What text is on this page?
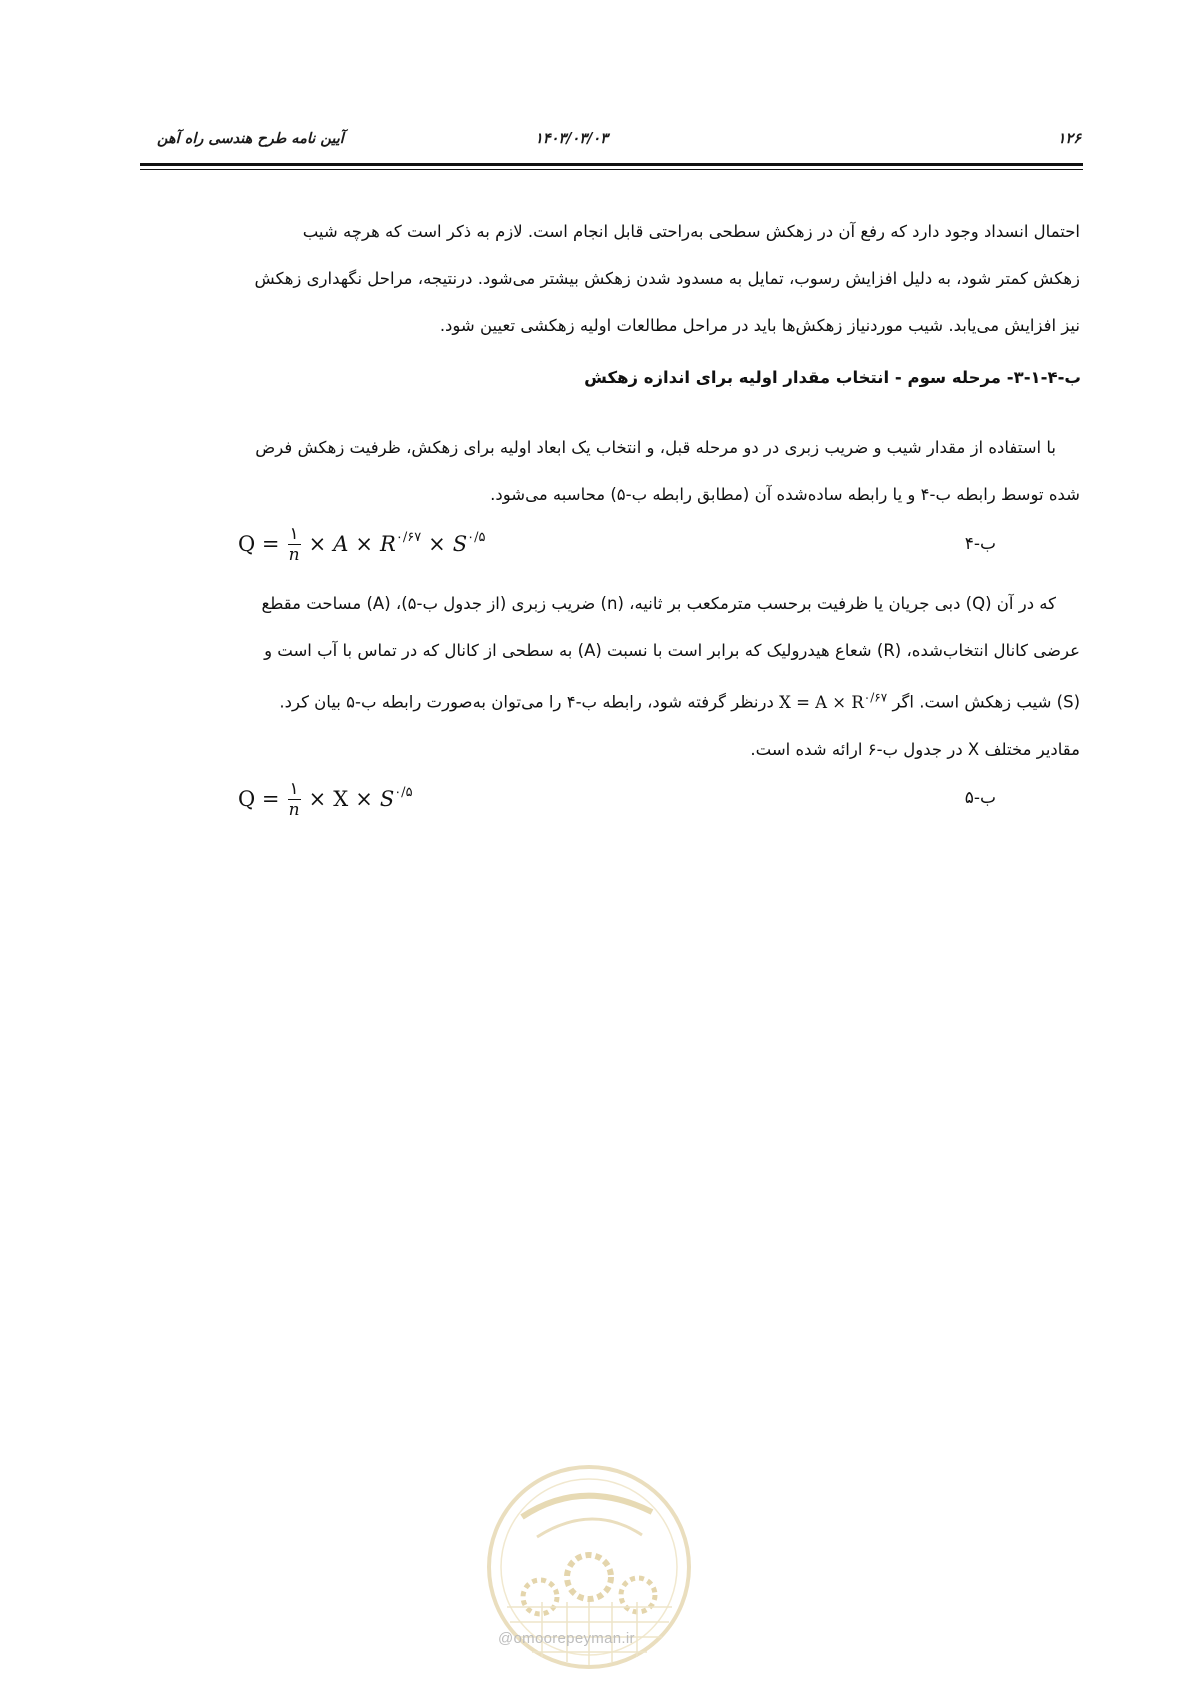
۱۲۶
۱۴۰۳/۰۳/۰۳
آیین نامه طرح هندسی راه آهن

احتمال انسداد وجود دارد که رفع آن در زهکش سطحی به‌راحتی قابل انجام است. لازم به ذکر است که هرچه شیب

زهکش کمتر شود، به دلیل افزایش رسوب، تمایل به مسدود شدن زهکش بیشتر می‌شود. درنتیجه، مراحل نگهداری زهکش

نیز افزایش می‌یابد. شیب موردنیاز زهکش‌ها باید در مراحل مطالعات اولیه زهکشی تعیین شود.

ب-۴-۱-۳- مرحله سوم - انتخاب مقدار اولیه برای اندازه زهکش

با استفاده از مقدار شیب و ضریب زبری در دو مرحله قبل، و انتخاب یک ابعاد اولیه برای زهکش، ظرفیت زهکش فرض

شده توسط رابطه ب-۴ و یا رابطه ساده‌شده آن (مطابق رابطه ب-۵) محاسبه می‌شود.

$Q = \frac{۱}{n} \times A \times R^{۰/۶۷} \times S^{۰/۵}$	ب-۴

که در آن (Q) دبی جریان یا ظرفیت برحسب مترمکعب بر ثانیه، (n) ضریب زبری (از جدول ب-۵)، (A) مساحت مقطع

عرضی کانال انتخاب‌شده، (R) شعاع هیدرولیک که برابر است با نسبت (A) به سطحی از کانال که در تماس با آب است و

(S) شیب زهکش است. اگر $X = A \times R^{۰/۶۷}$ درنظر گرفته شود، رابطه ب-۴ را می‌توان به‌صورت رابطه ب-۵ بیان کرد.

مقادیر مختلف X در جدول ب-۶ ارائه شده است.

$Q = \frac{۱}{n} \times X \times S^{۰/۵}$	ب-۵
@omoorepeyman.ir
